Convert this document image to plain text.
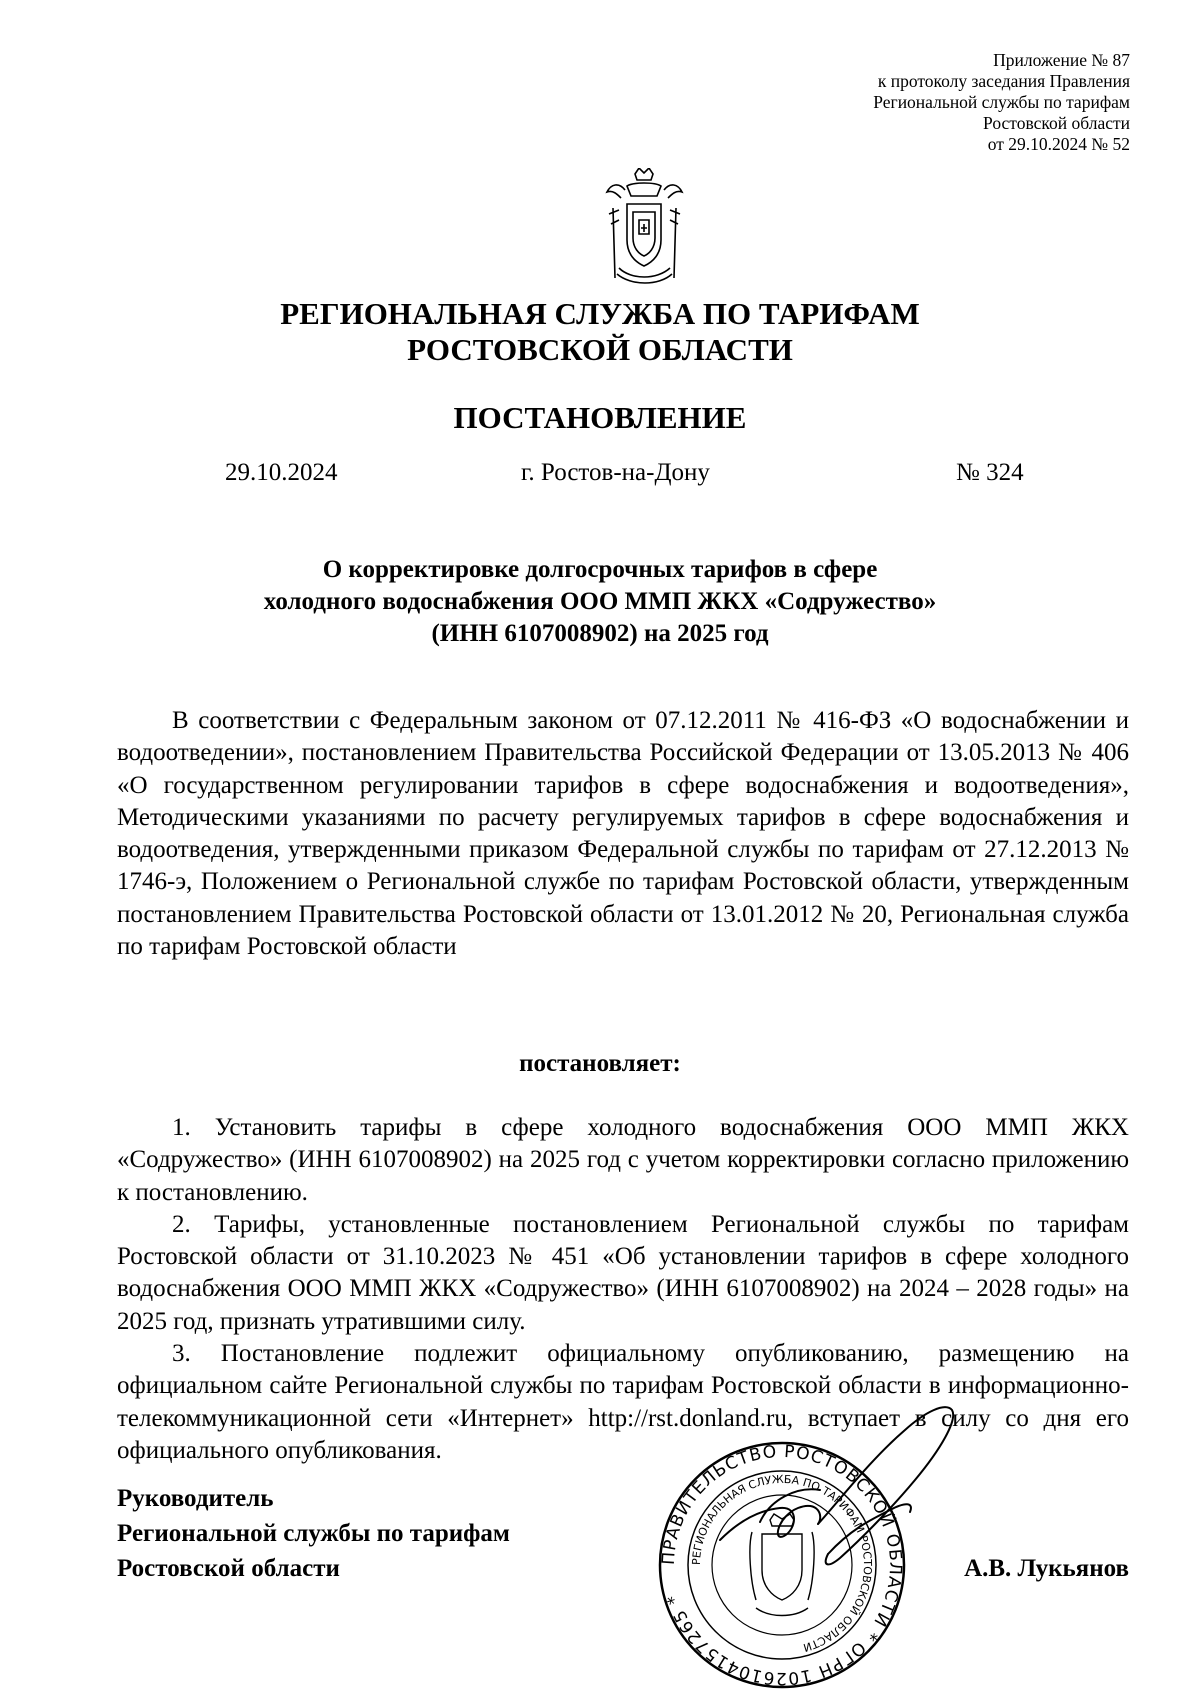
Приложение № 87
к протоколу заседания Правления
Региональной службы по тарифам
Ростовской области
от 29.10.2024 № 52
РЕГИОНАЛЬНАЯ СЛУЖБА ПО ТАРИФАМ
РОСТОВСКОЙ ОБЛАСТИ
ПОСТАНОВЛЕНИЕ
29.10.2024	г. Ростов-на-Дону	№ 324
О корректировке долгосрочных тарифов в сфере
холодного водоснабжения ООО ММП ЖКХ «Содружество»
(ИНН 6107008902) на 2025 год

В соответствии с Федеральным законом от 07.12.2011 № 416-ФЗ «О водоснабжении и водоотведении», постановлением Правительства Российской Федерации от 13.05.2013 № 406 «О государственном регулировании тарифов в сфере водоснабжения и водоотведения», Методическими указаниями по расчету регулируемых тарифов в сфере водоснабжения и водоотведения, утвержденными приказом Федеральной службы по тарифам от 27.12.2013 № 1746-э, Положением о Региональной службе по тарифам Ростовской области, утвержденным постановлением Правительства Ростовской области от 13.01.2012 № 20, Региональная служба по тарифам Ростовской области

постановляет:

1. Установить тарифы в сфере холодного водоснабжения ООО ММП ЖКХ «Содружество» (ИНН 6107008902) на 2025 год с учетом корректировки согласно приложению к постановлению.

2. Тарифы, установленные постановлением Региональной службы по тарифам Ростовской области от 31.10.2023 № 451 «Об установлении тарифов в сфере холодного водоснабжения ООО ММП ЖКХ «Содружество» (ИНН 6107008902) на 2024 – 2028 годы» на 2025 год, признать утратившими силу.

3. Постановление подлежит официальному опубликованию, размещению на официальном сайте Региональной службы по тарифам Ростовской области в информационно-телекоммуникационной сети «Интернет» http://rst.donland.ru, вступает в силу со дня его официального опубликования.

Руководитель
Региональной службы по тарифам
Ростовской области	ПРАВИТЕЛЬСТВО РОСТОВСКОЙ ОБЛАСТИ * ОГРН 1026104157265 *
РЕГИОНАЛЬНАЯ СЛУЖБА ПО ТАРИФАМ РОСТОВСКОЙ ОБЛАСТИ
А.В. Лукьянов
